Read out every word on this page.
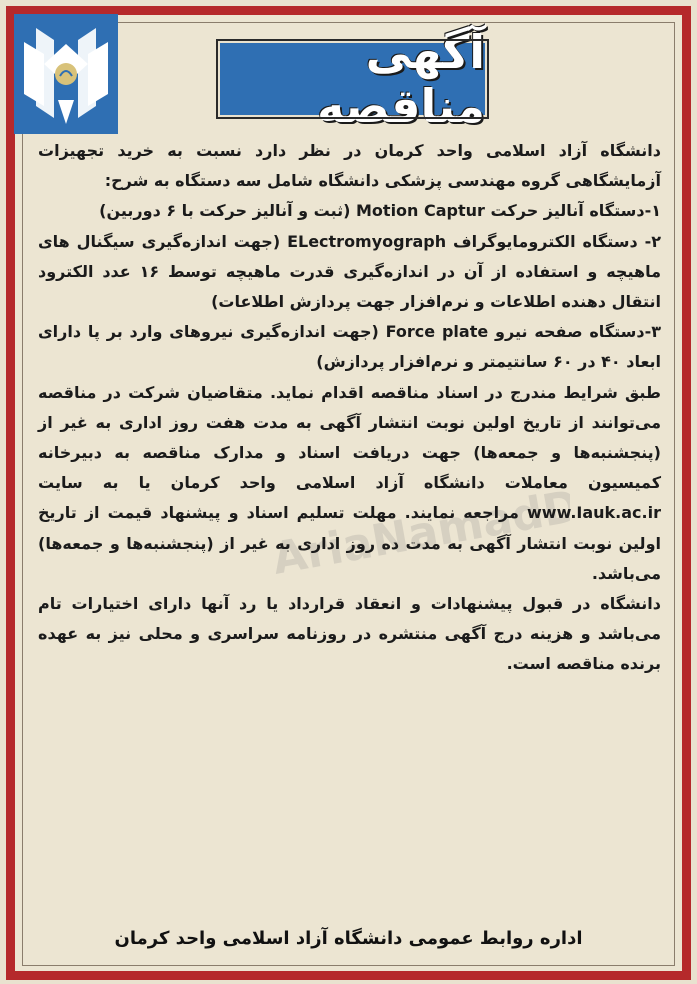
آگهی مناقصه

دانشگاه آزاد اسلامی واحد کرمان در نظر دارد نسبت به خرید تجهیزات آزمایشگاهی گروه مهندسی پزشکی دانشگاه شامل سه دستگاه به شرح:

۱-دستگاه آنالیز حرکت Motion Captur (ثبت و آنالیز حرکت با ۶ دوربین)

۲- دستگاه الکترومایوگراف ELectromyograph (جهت اندازه‌گیری سیگنال های ماهیچه و استفاده از آن در اندازه‌گیری قدرت ماهیچه توسط ۱۶ عدد الکترود انتقال دهنده اطلاعات و نرم‌افزار جهت پردازش اطلاعات)

۳-دستگاه صفحه نیرو Force plate (جهت اندازه‌گیری نیروهای وارد بر پا دارای ابعاد ۴۰ در ۶۰ سانتیمتر و نرم‌افزار پردازش)

طبق شرایط مندرج در اسناد مناقصه اقدام نماید. متقاضیان شرکت در مناقصه می‌توانند از تاریخ اولین نوبت انتشار آگهی به مدت هفت روز اداری به غیر از (پنجشنبه‌ها و جمعه‌ها) جهت دریافت اسناد و مدارک مناقصه به دبیرخانه کمیسیون معاملات دانشگاه آزاد اسلامی واحد کرمان یا به سایت www.Iauk.ac.ir مراجعه نمایند. مهلت تسلیم اسناد و پیشنهاد قیمت از تاریخ اولین نوبت انتشار آگهی به مدت ده روز اداری به غیر از (پنجشنبه‌ها و جمعه‌ها) می‌باشد.

دانشگاه در قبول پیشنهادات و انعقاد قرارداد یا رد آنها دارای اختیارات تام می‌باشد و هزینه درج آگهی منتشره در روزنامه سراسری و محلی نیز به عهده برنده مناقصه است.

اداره روابط عمومی دانشگاه آزاد اسلامی واحد کرمان
